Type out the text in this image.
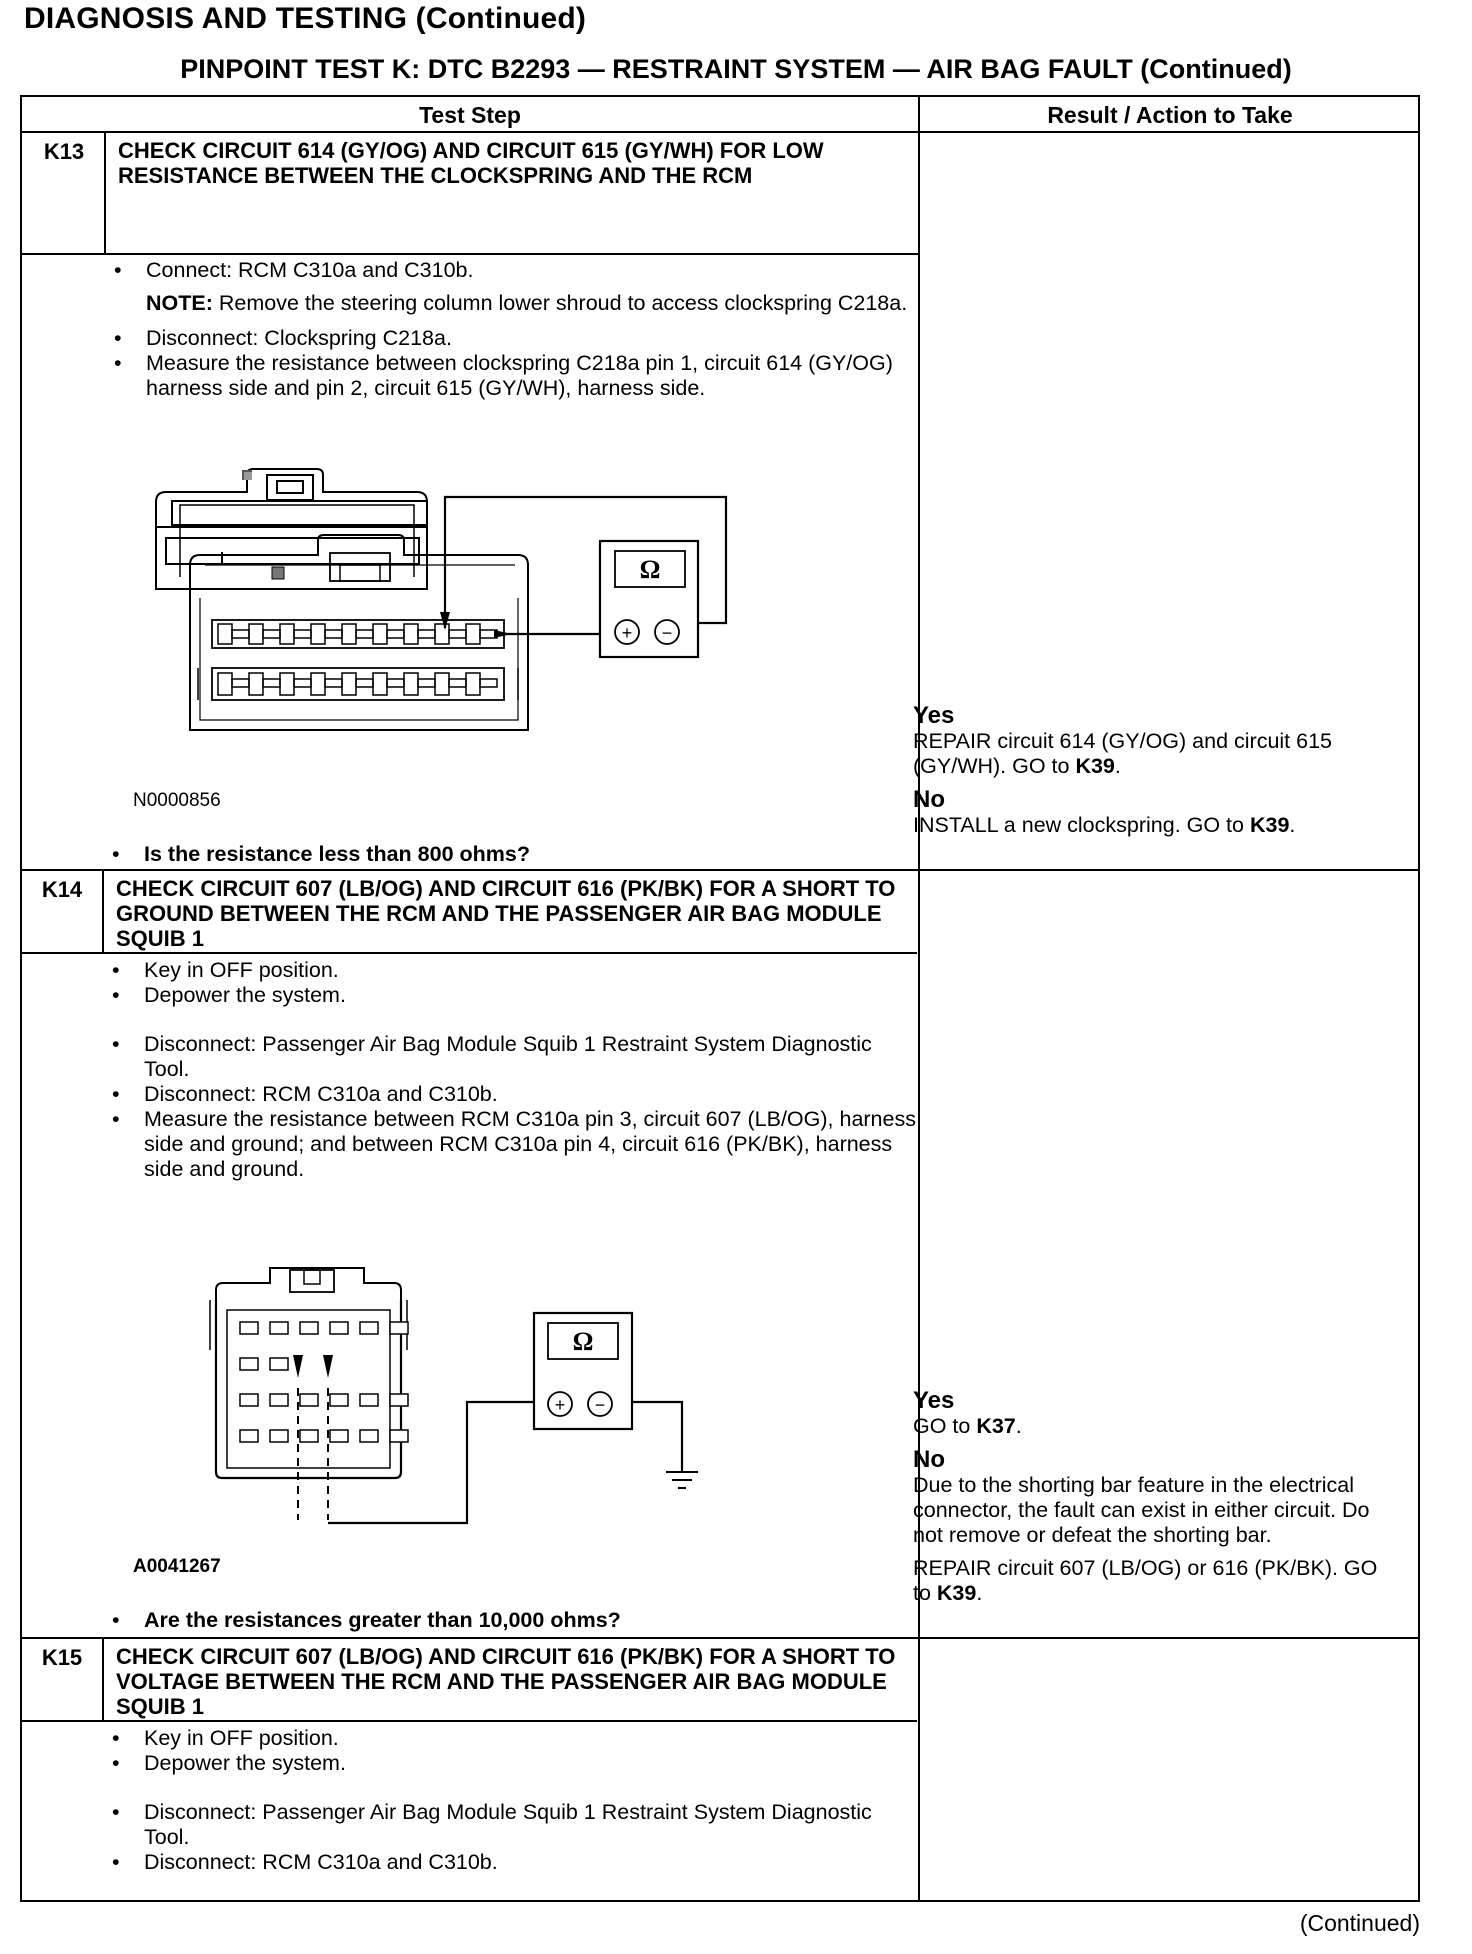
DIAGNOSIS AND TESTING (Continued)
PINPOINT TEST K: DTC B2293 — RESTRAINT SYSTEM — AIR BAG FAULT (Continued)
Test Step	Result / Action to Take
K13	CHECK CIRCUIT 614 (GY/OG) AND CIRCUIT 615 (GY/WH) FOR LOW RESISTANCE BETWEEN THE CLOCKSPRING AND THE RCM

• Connect: RCM C310a and C310b.

NOTE: Remove the steering column lower shroud to access clockspring C218a.

• Disconnect: Clockspring C218a.

• Measure the resistance between clockspring C218a pin 1, circuit 614 (GY/OG) harness side and pin 2, circuit 615 (GY/WH), harness side.

Ω
+ −
Ω
+ −
N0000856
• Is the resistance less than 800 ohms?

Yes

REPAIR circuit 614 (GY/OG) and circuit 615 (GY/WH). GO to K39.

No

INSTALL a new clockspring. GO to K39.

K14	CHECK CIRCUIT 607 (LB/OG) AND CIRCUIT 616 (PK/BK) FOR A SHORT TO GROUND BETWEEN THE RCM AND THE PASSENGER AIR BAG MODULE SQUIB 1

• Key in OFF position.

• Depower the system.

• Disconnect: Passenger Air Bag Module Squib 1 Restraint System Diagnostic Tool.

• Disconnect: RCM C310a and C310b.

• Measure the resistance between RCM C310a pin 3, circuit 607 (LB/OG), harness side and ground; and between RCM C310a pin 4, circuit 616 (PK/BK), harness side and ground.

A0041267
• Are the resistances greater than 10,000 ohms?

Yes

GO to K37.

No

Due to the shorting bar feature in the electrical connector, the fault can exist in either circuit. Do not remove or defeat the shorting bar.

REPAIR circuit 607 (LB/OG) or 616 (PK/BK). GO to K39.

K15	CHECK CIRCUIT 607 (LB/OG) AND CIRCUIT 616 (PK/BK) FOR A SHORT TO VOLTAGE BETWEEN THE RCM AND THE PASSENGER AIR BAG MODULE SQUIB 1

• Key in OFF position.

• Depower the system.

• Disconnect: Passenger Air Bag Module Squib 1 Restraint System Diagnostic Tool.

• Disconnect: RCM C310a and C310b.

(Continued)
